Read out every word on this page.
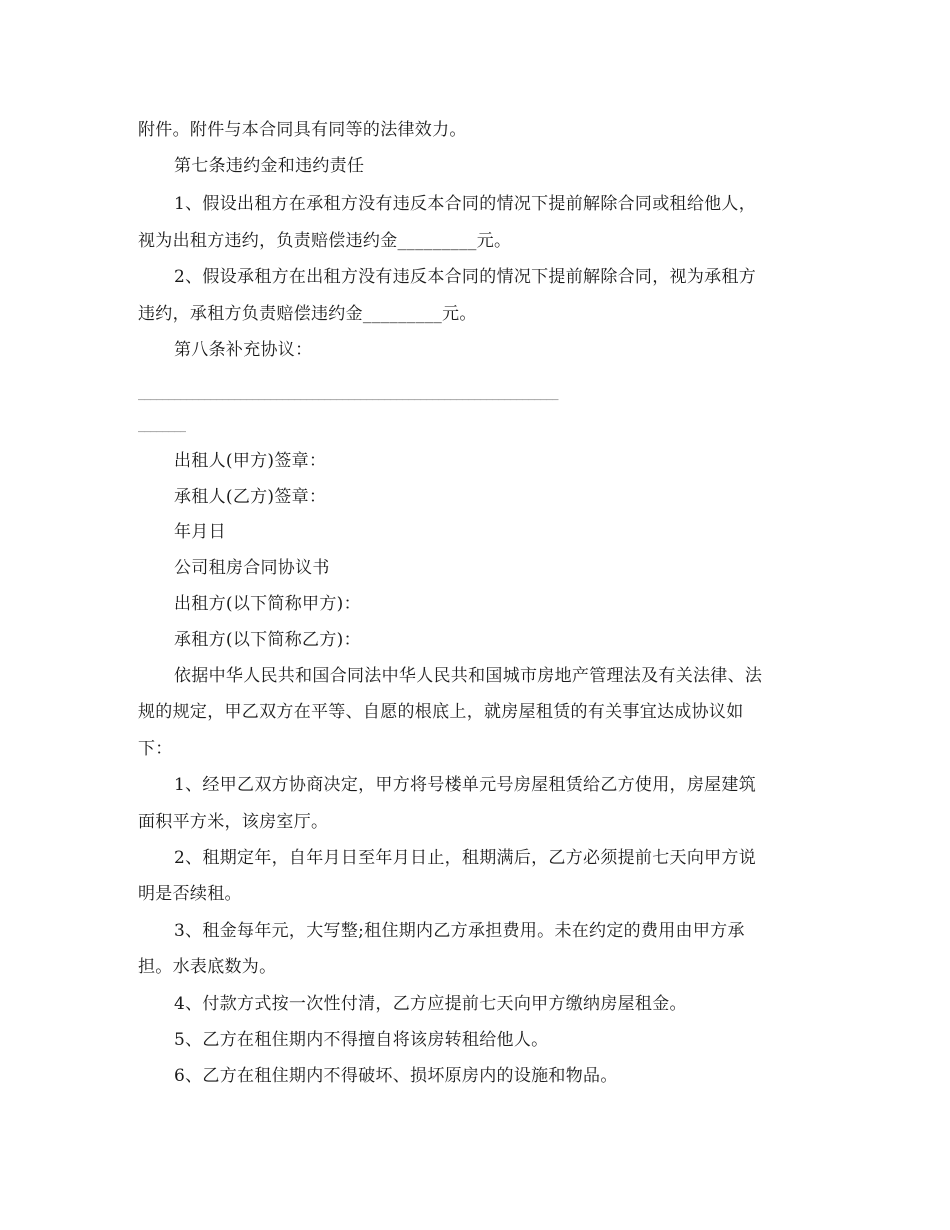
附件。附件与本合同具有同等的法律效力。
第七条违约金和违约责任
1、假设出租方在承租方没有违反本合同的情况下提前解除合同或租给他人，
视为出租方违约，负责赔偿违约金_________元。
2、假设承租方在出租方没有违反本合同的情况下提前解除合同，视为承租方
违约，承租方负责赔偿违约金_________元。
第八条补充协议：
______________________________________________________________________
________
出租人(甲方)签章：
承租人(乙方)签章：
年月日
公司租房合同协议书
出租方(以下简称甲方)：
承租方(以下简称乙方)：
依据中华人民共和国合同法中华人民共和国城市房地产管理法及有关法律、法
规的规定，甲乙双方在平等、自愿的根底上，就房屋租赁的有关事宜达成协议如
下：
1、经甲乙双方协商决定，甲方将号楼单元号房屋租赁给乙方使用，房屋建筑
面积平方米，该房室厅。
2、租期定年，自年月日至年月日止，租期满后，乙方必须提前七天向甲方说
明是否续租。
3、租金每年元，大写整;租住期内乙方承担费用。未在约定的费用由甲方承
担。水表底数为。
4、付款方式按一次性付清，乙方应提前七天向甲方缴纳房屋租金。
5、乙方在租住期内不得擅自将该房转租给他人。
6、乙方在租住期内不得破坏、损坏原房内的设施和物品。
